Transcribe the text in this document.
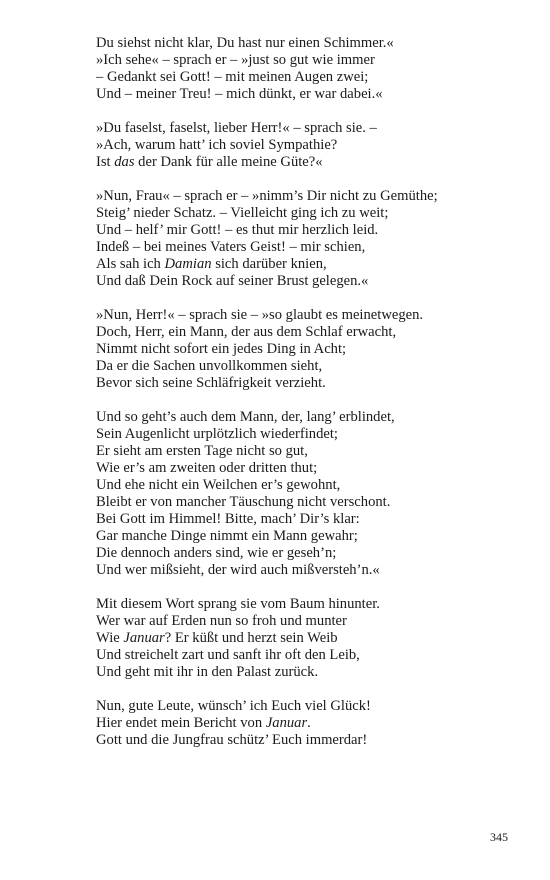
Du siehst nicht klar, Du hast nur einen Schimmer.«
»Ich sehe« – sprach er – »just so gut wie immer
– Gedankt sei Gott! – mit meinen Augen zwei;
Und – meiner Treu! – mich dünkt, er war dabei.«
»Du faselst, faselst, lieber Herr!« – sprach sie. –
»Ach, warum hatt’ ich soviel Sympathie?
Ist das der Dank für alle meine Güte?«
»Nun, Frau« – sprach er – »nimm’s Dir nicht zu Gemüthe;
Steig’ nieder Schatz. – Vielleicht ging ich zu weit;
Und – helf’ mir Gott! – es thut mir herzlich leid.
Indeß – bei meines Vaters Geist! – mir schien,
Als sah ich Damian sich darüber knien,
Und daß Dein Rock auf seiner Brust gelegen.«
»Nun, Herr!« – sprach sie – »so glaubt es meinetwegen.
Doch, Herr, ein Mann, der aus dem Schlaf erwacht,
Nimmt nicht sofort ein jedes Ding in Acht;
Da er die Sachen unvollkommen sieht,
Bevor sich seine Schläfrigkeit verzieht.
Und so geht’s auch dem Mann, der, lang’ erblindet,
Sein Augenlicht urplötzlich wiederfindet;
Er sieht am ersten Tage nicht so gut,
Wie er’s am zweiten oder dritten thut;
Und ehe nicht ein Weilchen er’s gewohnt,
Bleibt er von mancher Täuschung nicht verschont.
Bei Gott im Himmel! Bitte, mach’ Dir’s klar:
Gar manche Dinge nimmt ein Mann gewahr;
Die dennoch anders sind, wie er geseh’n;
Und wer mißsieht, der wird auch mißversteh’n.«
Mit diesem Wort sprang sie vom Baum hinunter.
Wer war auf Erden nun so froh und munter
Wie Januar? Er küßt und herzt sein Weib
Und streichelt zart und sanft ihr oft den Leib,
Und geht mit ihr in den Palast zurück.
Nun, gute Leute, wünsch’ ich Euch viel Glück!
Hier endet mein Bericht von Januar.
Gott und die Jungfrau schütz’ Euch immerdar!
345
